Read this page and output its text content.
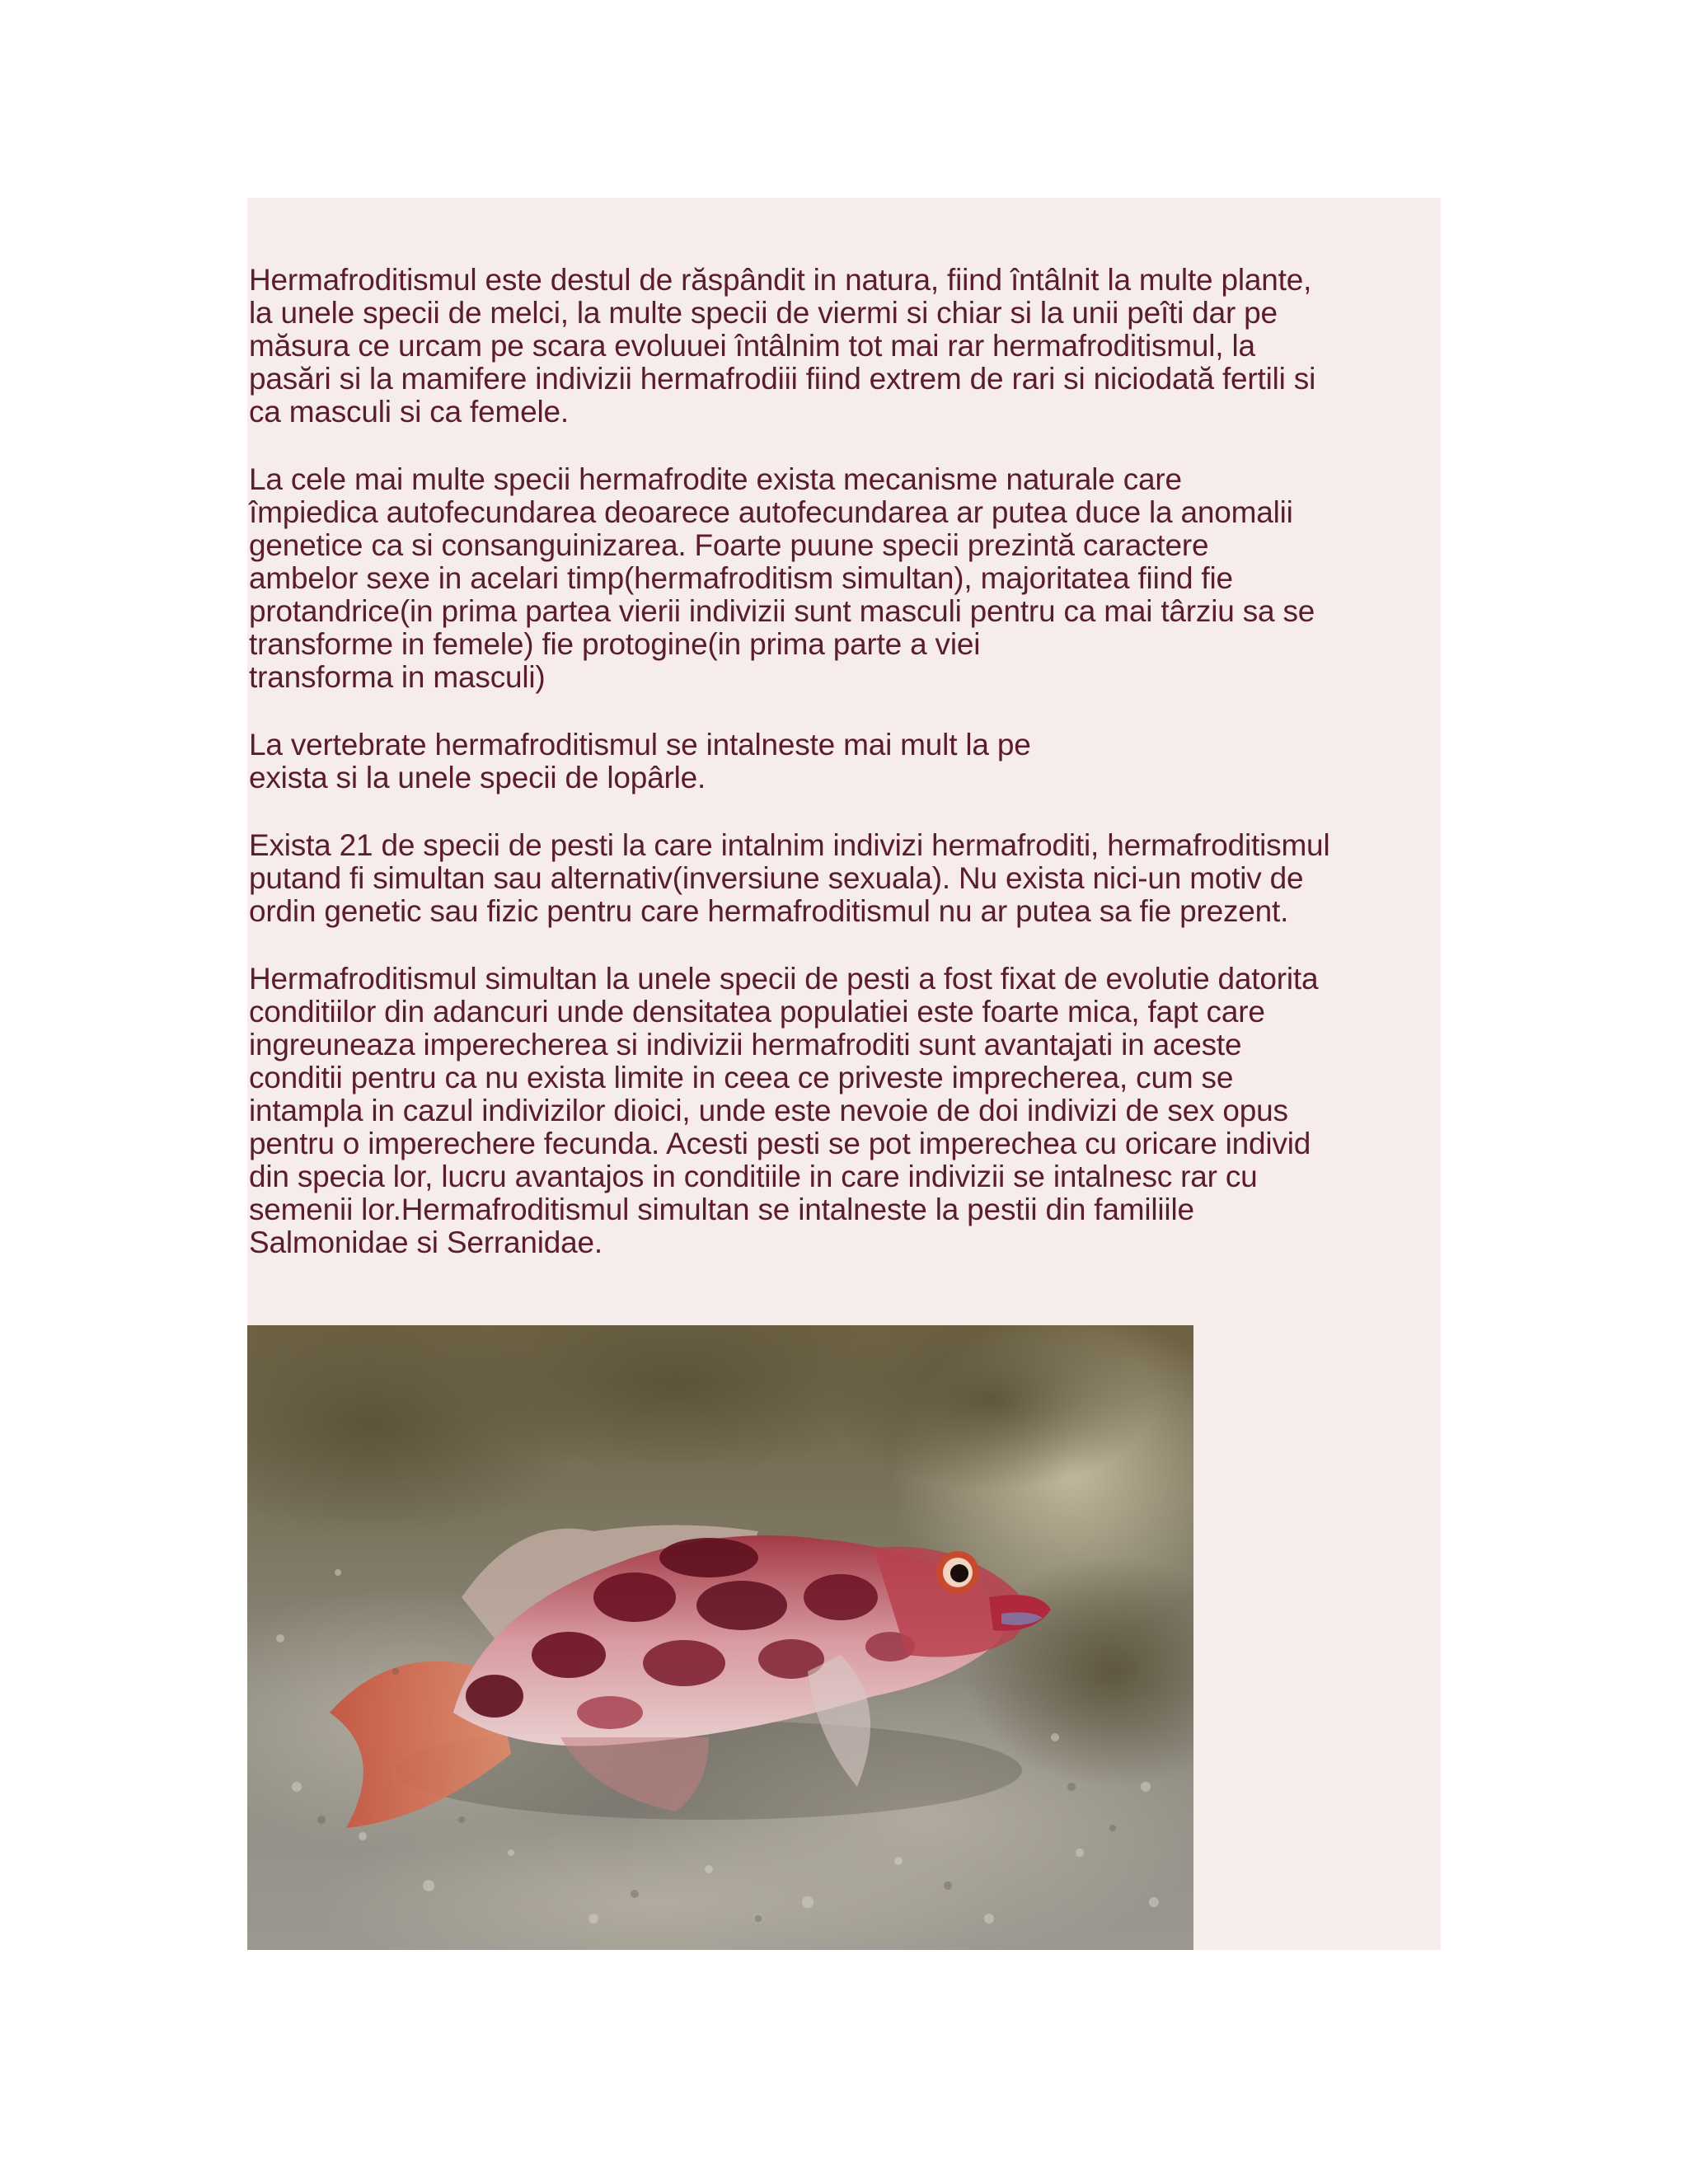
Hermafroditismul este destul de răspândit in natura, fiind întâlnit la multe plante,
la unele specii de melci, la multe specii de viermi si chiar si la unii peîti dar pe
măsura ce urcam pe scara evoluuei întâlnim tot mai rar hermafroditismul, la
pasări si la mamifere indivizii hermafrodiii fiind extrem de rari si niciodată fertili si
ca masculi si ca femele.

La cele mai multe specii hermafrodite exista mecanisme naturale care
împiedica autofecundarea deoarece autofecundarea ar putea duce la anomalii
genetice ca si consanguinizarea. Foarte puune specii prezintă caractere
ambelor sexe in acelari timp(hermafroditism simultan), majoritatea fiind fie
protandrice(in prima partea vierii indivizii sunt masculi pentru ca mai târziu sa se
transforme in femele) fie protogine(in prima parte a viei
transforma in masculi)

La vertebrate hermafroditismul se intalneste mai mult la pe
exista si la unele specii de lopârle.

Exista 21 de specii de pesti la care intalnim indivizi hermafroditi, hermafroditismul
putand fi simultan sau alternativ(inversiune sexuala). Nu exista nici-un motiv de
ordin genetic sau fizic pentru care hermafroditismul nu ar putea sa fie prezent.

Hermafroditismul simultan la unele specii de pesti a fost fixat de evolutie datorita
conditiilor din adancuri unde densitatea populatiei este foarte mica, fapt care
ingreuneaza imperecherea si indivizii hermafroditi sunt avantajati in aceste
conditii pentru ca nu exista limite in ceea ce priveste imprecherea, cum se
intampla in cazul indivizilor dioici, unde este nevoie de doi indivizi de sex opus
pentru o imperechere fecunda. Acesti pesti se pot imperechea cu oricare individ
din specia lor, lucru avantajos in conditiile in care indivizii se intalnesc rar cu
semenii lor.Hermafroditismul simultan se intalneste la pestii din familiile
Salmonidae si Serranidae.
